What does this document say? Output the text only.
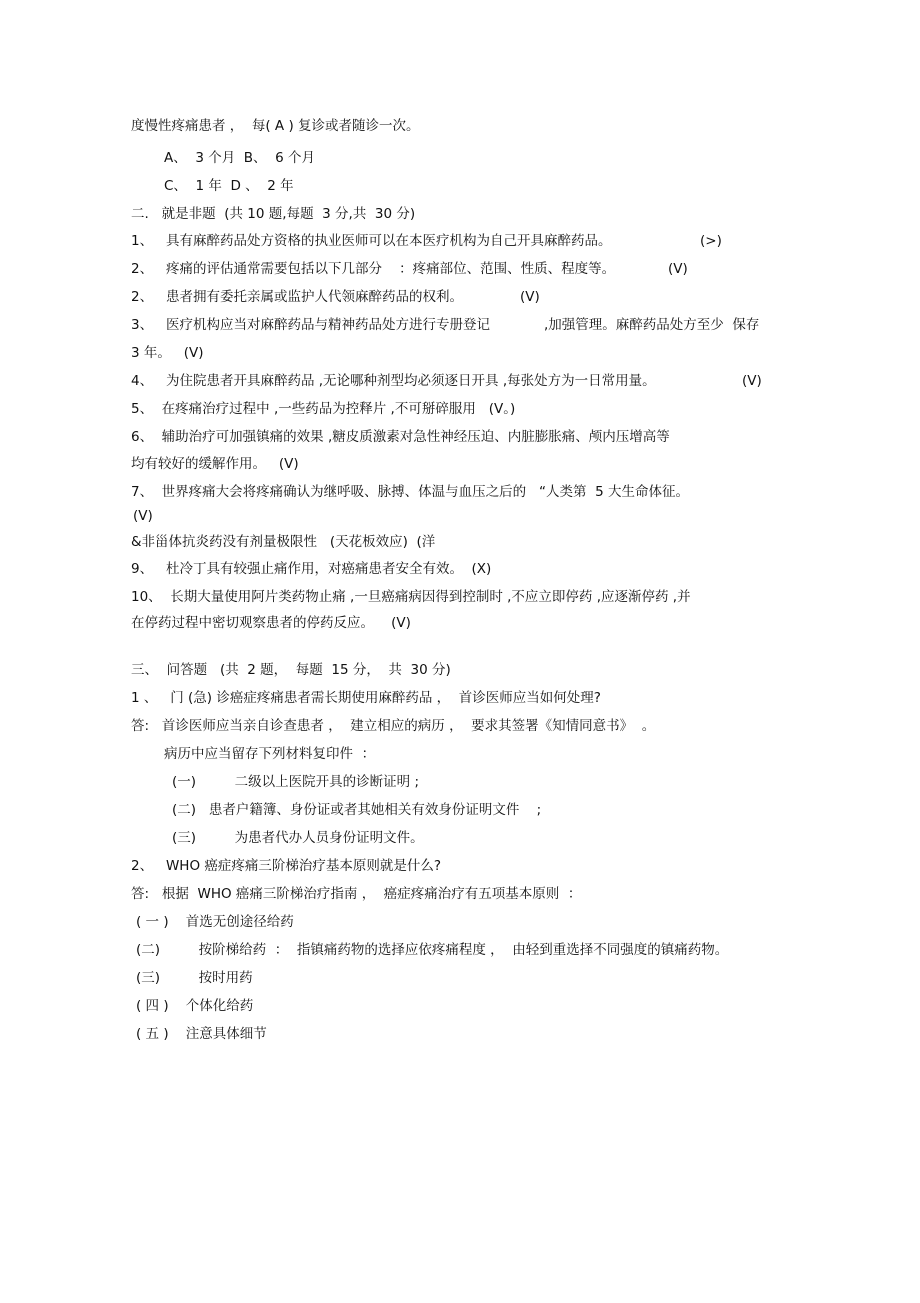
度慢性疼痛患者 ，  每( A ) 复诊或者随诊一次。
A、  3 个月  B、  6 个月
C、  1 年  D 、  2 年
二.   就是非题  (共 10 题,每题  3 分,共  30 分)
1、   具有麻醉药品处方资格的执业医师可以在本医疗机构为自己开具麻醉药品。	(>)
2、   疼痛的评估通常需要包括以下几部分    ：疼痛部位、范围、性质、程度等。	(V)
2、   患者拥有委托亲属或监护人代领麻醉药品的权利。	(V)
3、   医疗机构应当对麻醉药品与精神药品处方进行专册登记	,加强管理。麻醉药品处方至少  保存
3 年。   (V)
4、   为住院患者开具麻醉药品 ,无论哪种剂型均必须逐日开具 ,每张处方为一日常用量。	(V)
5、  在疼痛治疗过程中 ,一些药品为控释片 ,不可掰碎服用   (V。)
6、  辅助治疗可加强镇痛的效果 ,糖皮质激素对急性神经压迫、内脏膨胀痛、颅内压增高等
均有较好的缓解作用。   (V)
7、  世界疼痛大会将疼痛确认为继呼吸、脉搏、体温与血压之后的   “人类第  5 大生命体征。
(V)
&非甾体抗炎药没有剂量极限性   (天花板效应)  (洋
9、   杜冷丁具有较强止痛作用，对癌痛患者安全有效。  (X)
10、  长期大量使用阿片类药物止痛 ,一旦癌痛病因得到控制时 ,不应立即停药 ,应逐渐停药 ,并
在停药过程中密切观察患者的停药反应。    (V)
三、  问答题   (共  2 题，  每题  15 分，  共  30 分)
1 、   门 (急) 诊癌症疼痛患者需长期使用麻醉药品 ，  首诊医师应当如何处理?
答:   首诊医师应当亲自诊查患者 ，  建立相应的病历 ，  要求其签署《知情同意书》  。
病历中应当留存下列材料复印件  ：
(一)         二级以上医院开具的诊断证明 ;
(二)   患者户籍簿、身份证或者其她相关有效身份证明文件    ;
(三)         为患者代办人员身份证明文件。
2、   WHO 癌症疼痛三阶梯治疗基本原则就是什么?
答:   根据  WHO 癌痛三阶梯治疗指南 ，  癌症疼痛治疗有五项基本原则  ：
( 一 )    首选无创途径给药
(二)         按阶梯给药  ：  指镇痛药物的选择应依疼痛程度 ，  由轻到重选择不同强度的镇痛药物。
(三)         按时用药
( 四 )    个体化给药
( 五 )    注意具体细节
